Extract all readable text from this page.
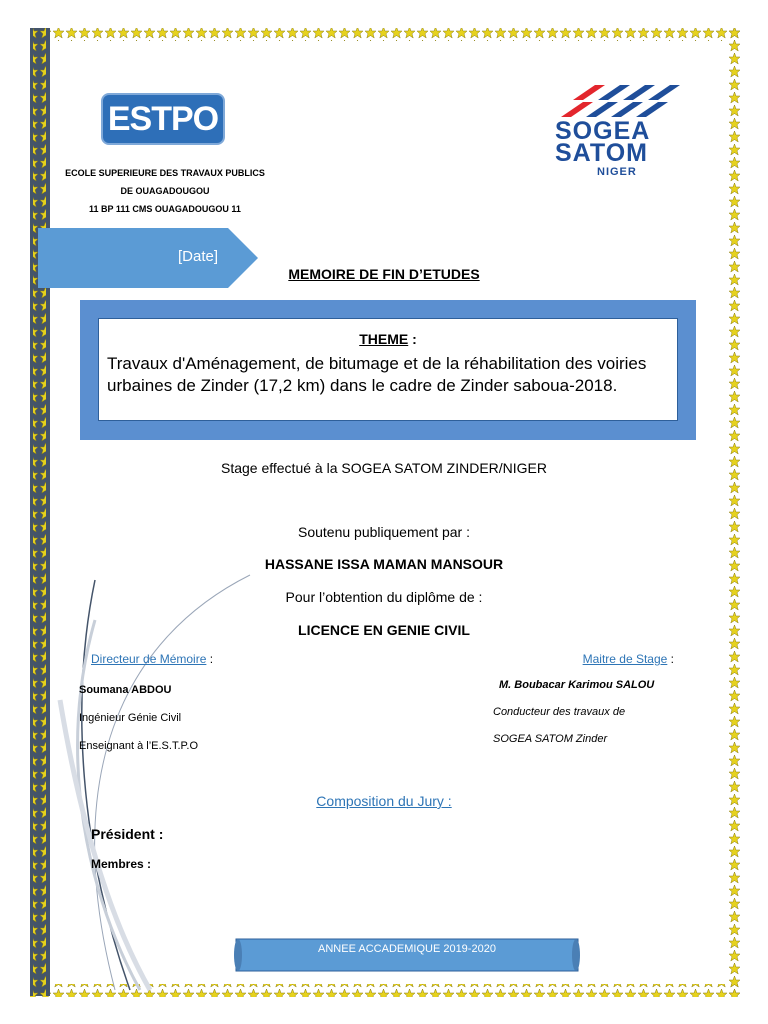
ESTPO
ECOLE SUPERIEURE DES TRAVAUX PUBLICS
DE OUAGADOUGOU
11 BP 111 CMS OUAGADOUGOU 11
SOGEA
SATOM
NIGER
[Date]
MEMOIRE DE FIN D’ETUDES
THEME :
Travaux d'Aménagement, de bitumage et de la réhabilitation des voiries urbaines de Zinder (17,2 km) dans le cadre de Zinder saboua-2018.
Stage effectué à la SOGEA SATOM ZINDER/NIGER
Soutenu publiquement par :
HASSANE ISSA MAMAN MANSOUR
Pour l’obtention du diplôme de :
LICENCE EN GENIE CIVIL
Directeur de Mémoire :
Soumana ABDOU
Ingénieur Génie Civil
Enseignant à l’E.S.T.P.O
Maitre de Stage :
M. Boubacar Karimou SALOU
Conducteur des travaux de
SOGEA SATOM Zinder
Composition du Jury :
Président :
Membres :
ANNEE ACCADEMIQUE 2019-2020
